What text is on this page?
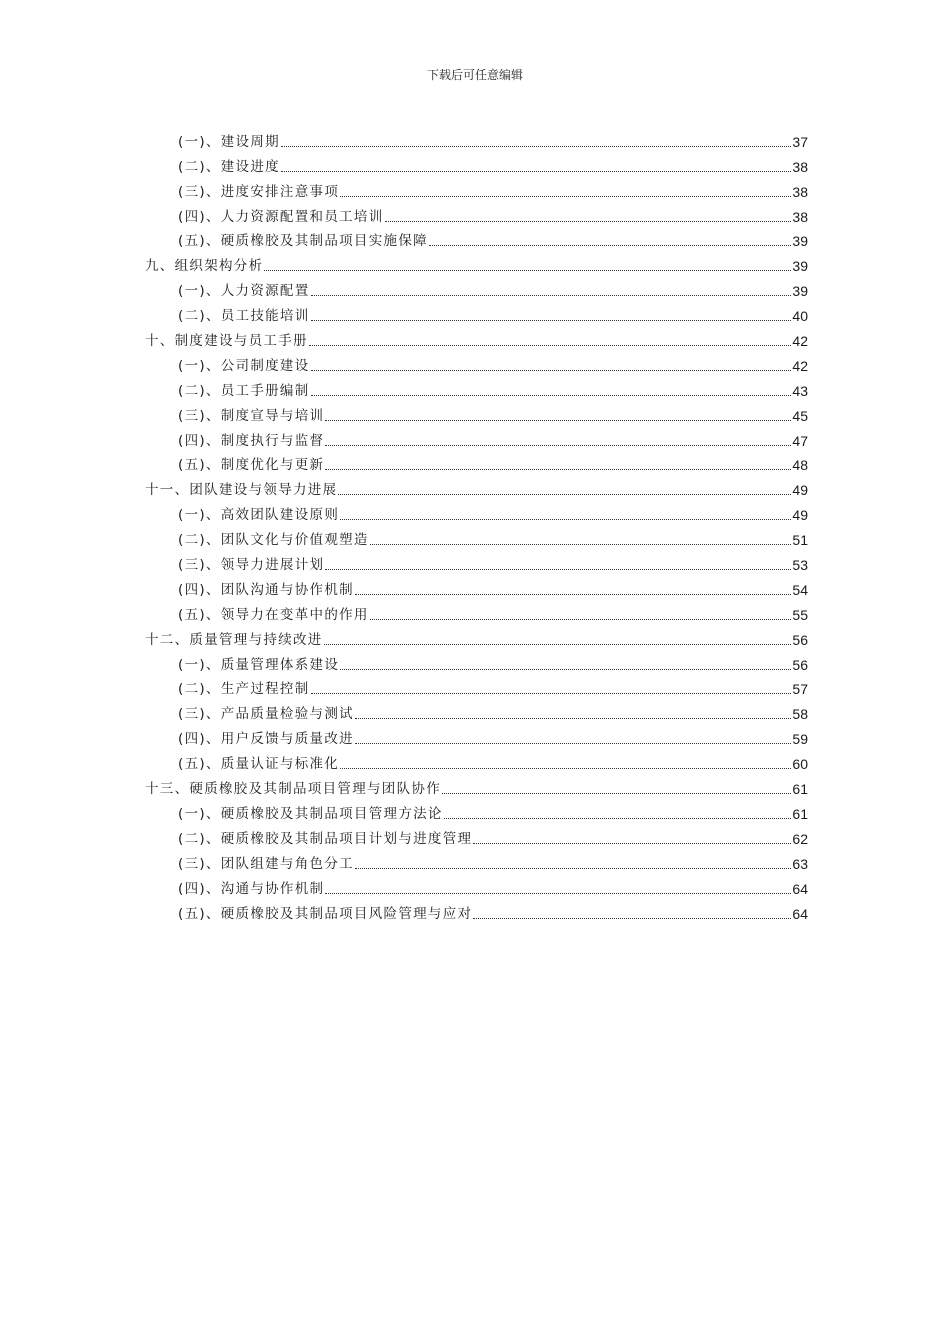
下载后可任意编辑
(一)、建设周期	37
(二)、建设进度	38
(三)、进度安排注意事项	38
(四)、人力资源配置和员工培训	38
(五)、硬质橡胶及其制品项目实施保障	39
九、组织架构分析	39
(一)、人力资源配置	39
(二)、员工技能培训	40
十、制度建设与员工手册	42
(一)、公司制度建设	42
(二)、员工手册编制	43
(三)、制度宣导与培训	45
(四)、制度执行与监督	47
(五)、制度优化与更新	48
十一、团队建设与领导力进展	49
(一)、高效团队建设原则	49
(二)、团队文化与价值观塑造	51
(三)、领导力进展计划	53
(四)、团队沟通与协作机制	54
(五)、领导力在变革中的作用	55
十二、质量管理与持续改进	56
(一)、质量管理体系建设	56
(二)、生产过程控制	57
(三)、产品质量检验与测试	58
(四)、用户反馈与质量改进	59
(五)、质量认证与标准化	60
十三、硬质橡胶及其制品项目管理与团队协作	61
(一)、硬质橡胶及其制品项目管理方法论	61
(二)、硬质橡胶及其制品项目计划与进度管理	62
(三)、团队组建与角色分工	63
(四)、沟通与协作机制	64
(五)、硬质橡胶及其制品项目风险管理与应对	64
